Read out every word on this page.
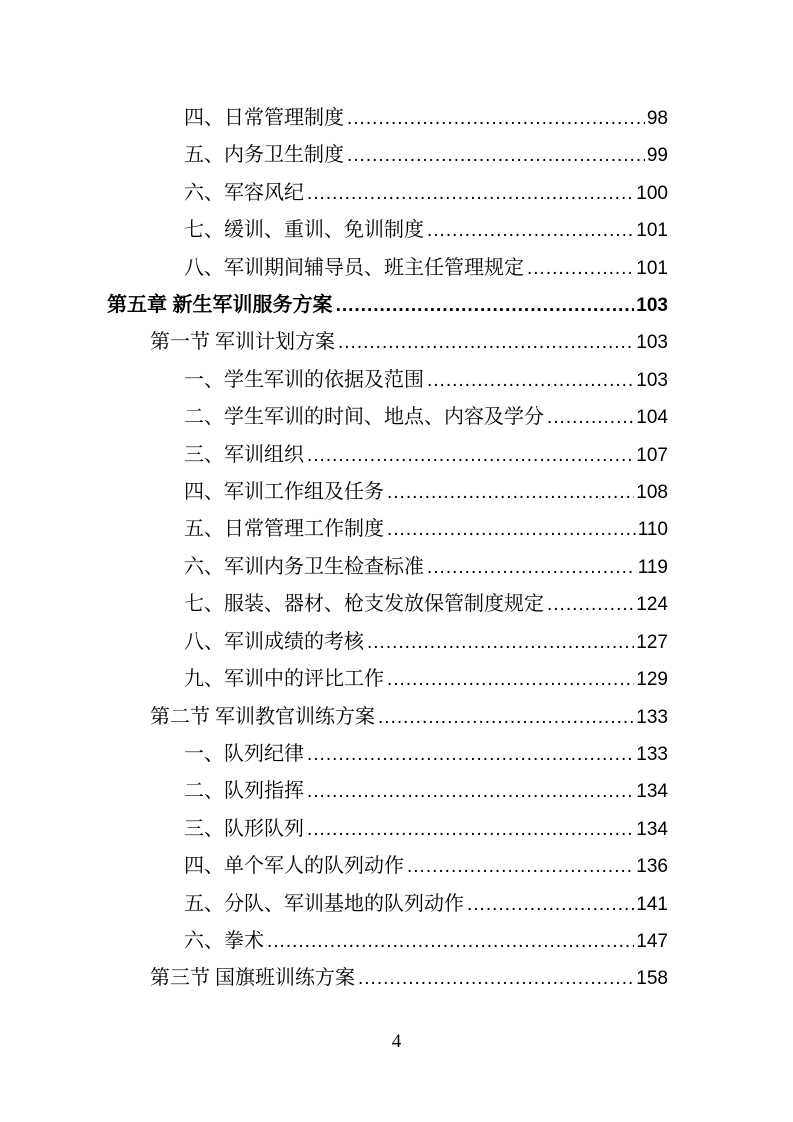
四、日常管理制度 .....	98
五、内务卫生制度 .....	99
六、军容风纪 .....	100
七、缓训、重训、免训制度 .....	101
八、军训期间辅导员、班主任管理规定 .....	101
第五章 新生军训服务方案 .....	103
第一节 军训计划方案 .....	103
一、学生军训的依据及范围 .....	103
二、学生军训的时间、地点、内容及学分 .....	104
三、军训组织 .....	107
四、军训工作组及任务 .....	108
五、日常管理工作制度 .....	110
六、军训内务卫生检查标准 .....	119
七、服装、器材、枪支发放保管制度规定 .....	124
八、军训成绩的考核 .....	127
九、军训中的评比工作 .....	129
第二节 军训教官训练方案 .....	133
一、队列纪律 .....	133
二、队列指挥 .....	134
三、队形队列 .....	134
四、单个军人的队列动作 .....	136
五、分队、军训基地的队列动作 .....	141
六、拳术 .....	147
第三节 国旗班训练方案 .....	158
4
